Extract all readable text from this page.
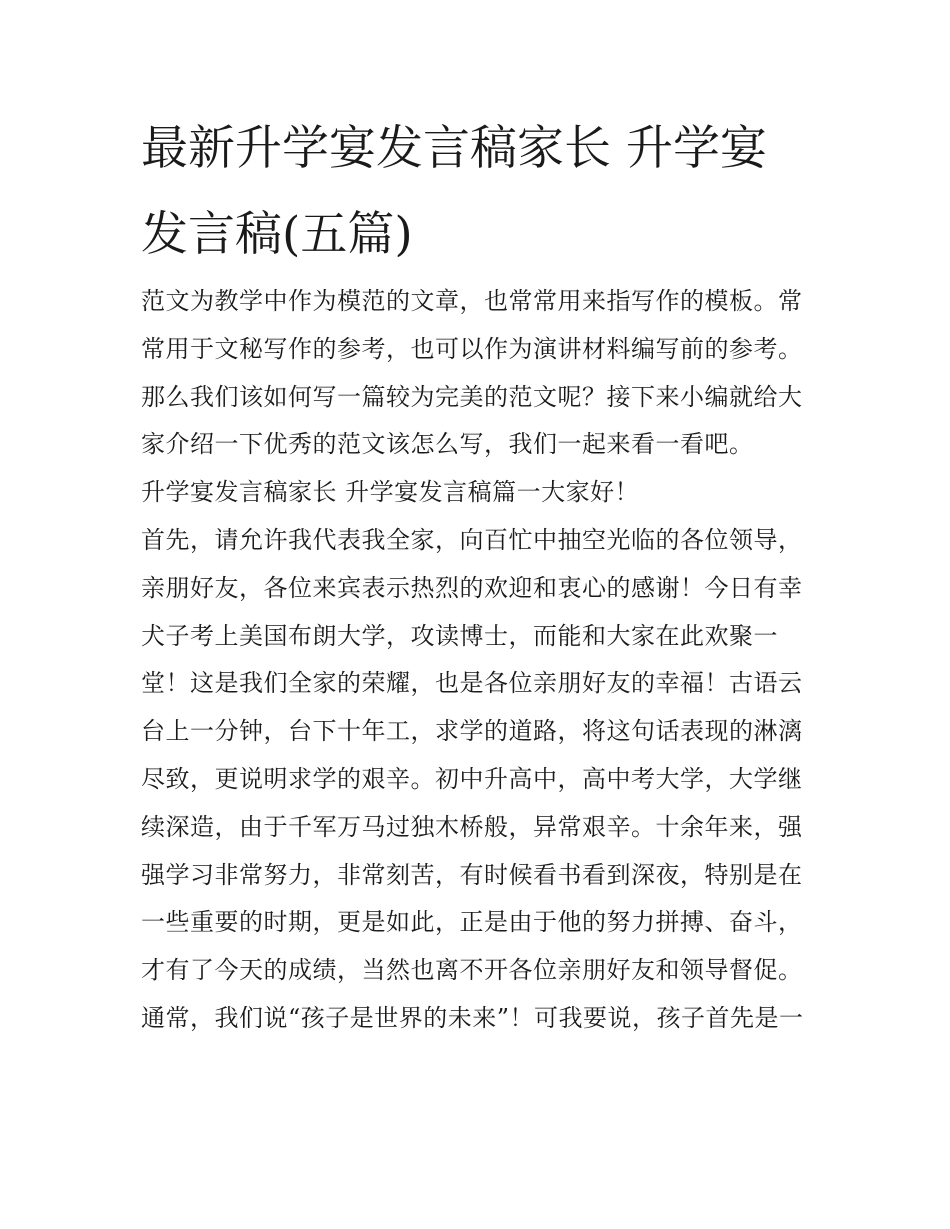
最新升学宴发言稿家长 升学宴
发言稿(五篇)

范文为教学中作为模范的文章，也常常用来指写作的模板。常

常用于文秘写作的参考，也可以作为演讲材料编写前的参考。

那么我们该如何写一篇较为完美的范文呢？接下来小编就给大

家介绍一下优秀的范文该怎么写，我们一起来看一看吧。

升学宴发言稿家长 升学宴发言稿篇一大家好！

首先，请允许我代表我全家，向百忙中抽空光临的各位领导，

亲朋好友，各位来宾表示热烈的欢迎和衷心的感谢！今日有幸

犬子考上美国布朗大学，攻读博士，而能和大家在此欢聚一

堂！这是我们全家的荣耀，也是各位亲朋好友的幸福！古语云

台上一分钟，台下十年工，求学的道路，将这句话表现的淋漓

尽致，更说明求学的艰辛。初中升高中，高中考大学，大学继

续深造，由于千军万马过独木桥般，异常艰辛。十余年来，强

强学习非常努力，非常刻苦，有时候看书看到深夜，特别是在

一些重要的时期，更是如此，正是由于他的努力拼搏、奋斗，

才有了今天的成绩，当然也离不开各位亲朋好友和领导督促。

通常，我们说“孩子是世界的未来”！可我要说，孩子首先是一
